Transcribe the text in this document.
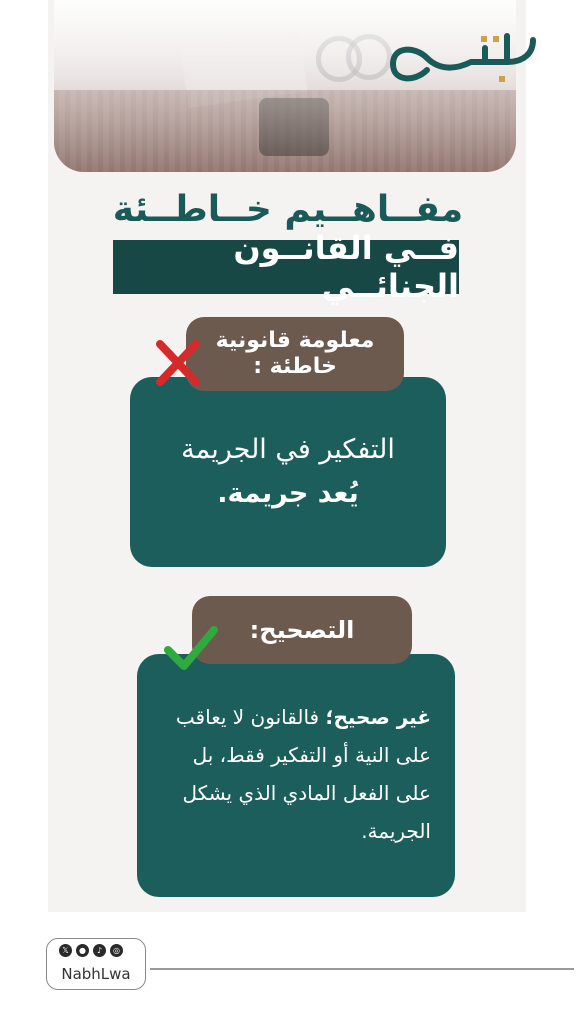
مفــاهــيم خــاطــئة
فــي القانــون الجنائــي
التفكير في الجريمة
يُعد جريمة.
معلومة قانونية
خاطئة :
غير صحيح؛ فالقانون لا يعاقب على النية أو التفكير فقط، بل على الفعل المادي الذي يشكل الجريمة.
التصحيح:
𝕏	●	♪	◎
NabhLwa
